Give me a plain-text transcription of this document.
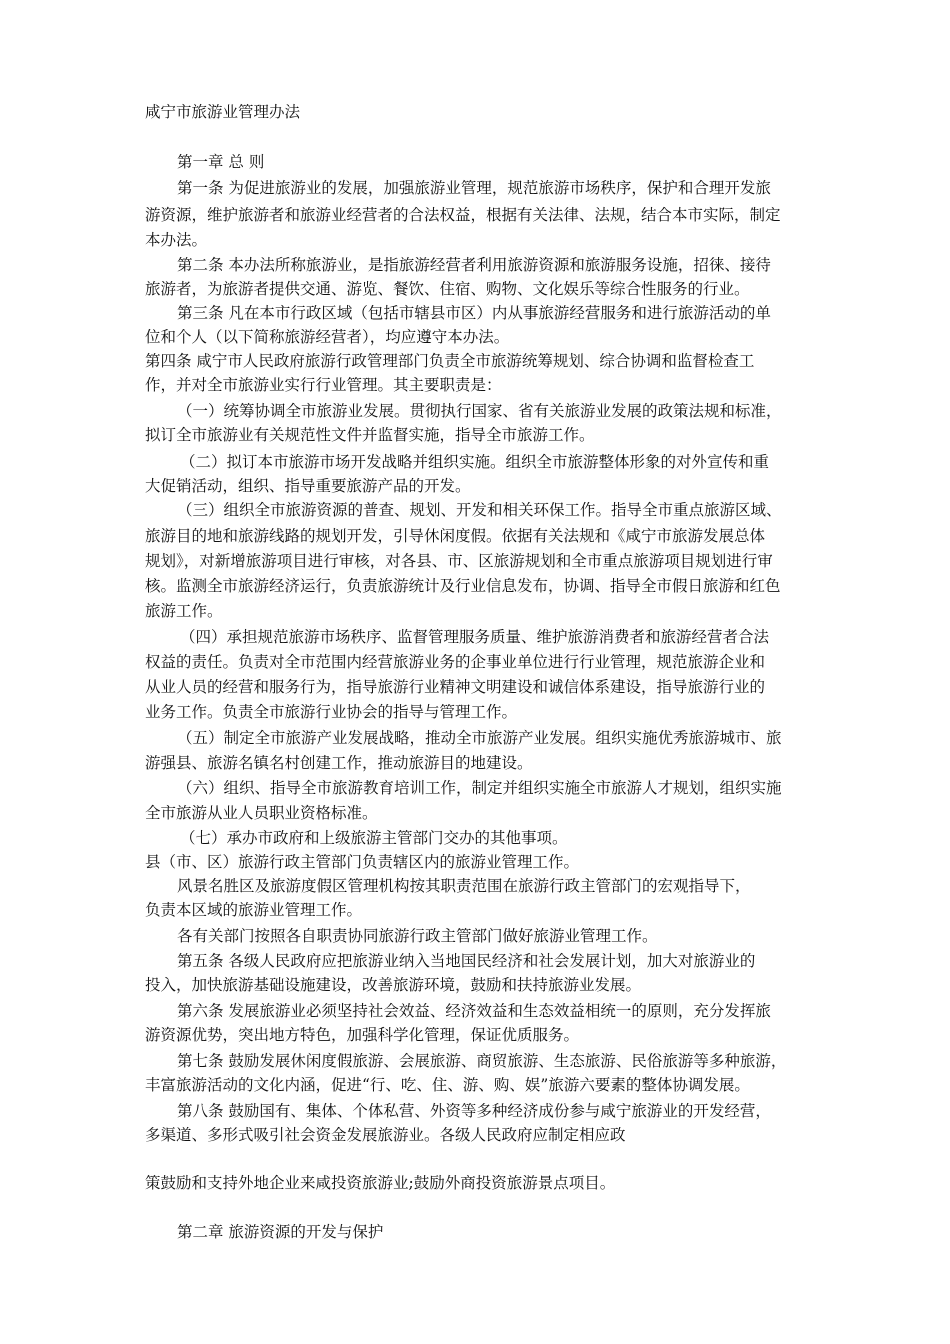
咸宁市旅游业管理办法
第一章 总 则
第一条 为促进旅游业的发展，加强旅游业管理，规范旅游市场秩序，保护和合理开发旅
游资源，维护旅游者和旅游业经营者的合法权益，根据有关法律、法规，结合本市实际，制定
本办法。
第二条 本办法所称旅游业，是指旅游经营者利用旅游资源和旅游服务设施，招徕、接待
旅游者，为旅游者提供交通、游览、餐饮、住宿、购物、文化娱乐等综合性服务的行业。
第三条 凡在本市行政区域（包括市辖县市区）内从事旅游经营服务和进行旅游活动的单
位和个人（以下简称旅游经营者），均应遵守本办法。
第四条 咸宁市人民政府旅游行政管理部门负责全市旅游统筹规划、综合协调和监督检查工
作，并对全市旅游业实行行业管理。其主要职责是：
（一）统筹协调全市旅游业发展。贯彻执行国家、省有关旅游业发展的政策法规和标准，
拟订全市旅游业有关规范性文件并监督实施，指导全市旅游工作。
（二）拟订本市旅游市场开发战略并组织实施。组织全市旅游整体形象的对外宣传和重
大促销活动，组织、指导重要旅游产品的开发。
（三）组织全市旅游资源的普查、规划、开发和相关环保工作。指导全市重点旅游区域、
旅游目的地和旅游线路的规划开发，引导休闲度假。依据有关法规和《咸宁市旅游发展总体
规划》，对新增旅游项目进行审核，对各县、市、区旅游规划和全市重点旅游项目规划进行审
核。监测全市旅游经济运行，负责旅游统计及行业信息发布，协调、指导全市假日旅游和红色
旅游工作。
（四）承担规范旅游市场秩序、监督管理服务质量、维护旅游消费者和旅游经营者合法
权益的责任。负责对全市范围内经营旅游业务的企事业单位进行行业管理，规范旅游企业和
从业人员的经营和服务行为，指导旅游行业精神文明建设和诚信体系建设，指导旅游行业的
业务工作。负责全市旅游行业协会的指导与管理工作。
（五）制定全市旅游产业发展战略，推动全市旅游产业发展。组织实施优秀旅游城市、旅
游强县、旅游名镇名村创建工作，推动旅游目的地建设。
（六）组织、指导全市旅游教育培训工作，制定并组织实施全市旅游人才规划，组织实施
全市旅游从业人员职业资格标准。
（七）承办市政府和上级旅游主管部门交办的其他事项。
县（市、区）旅游行政主管部门负责辖区内的旅游业管理工作。
风景名胜区及旅游度假区管理机构按其职责范围在旅游行政主管部门的宏观指导下，
负责本区域的旅游业管理工作。
各有关部门按照各自职责协同旅游行政主管部门做好旅游业管理工作。
第五条 各级人民政府应把旅游业纳入当地国民经济和社会发展计划，加大对旅游业的
投入，加快旅游基础设施建设，改善旅游环境，鼓励和扶持旅游业发展。
第六条 发展旅游业必须坚持社会效益、经济效益和生态效益相统一的原则，充分发挥旅
游资源优势，突出地方特色，加强科学化管理，保证优质服务。
第七条 鼓励发展休闲度假旅游、会展旅游、商贸旅游、生态旅游、民俗旅游等多种旅游，
丰富旅游活动的文化内涵，促进“行、吃、住、游、购、娱”旅游六要素的整体协调发展。
第八条 鼓励国有、集体、个体私营、外资等多种经济成份参与咸宁旅游业的开发经营，
多渠道、多形式吸引社会资金发展旅游业。各级人民政府应制定相应政
策鼓励和支持外地企业来咸投资旅游业;鼓励外商投资旅游景点项目。
第二章 旅游资源的开发与保护
